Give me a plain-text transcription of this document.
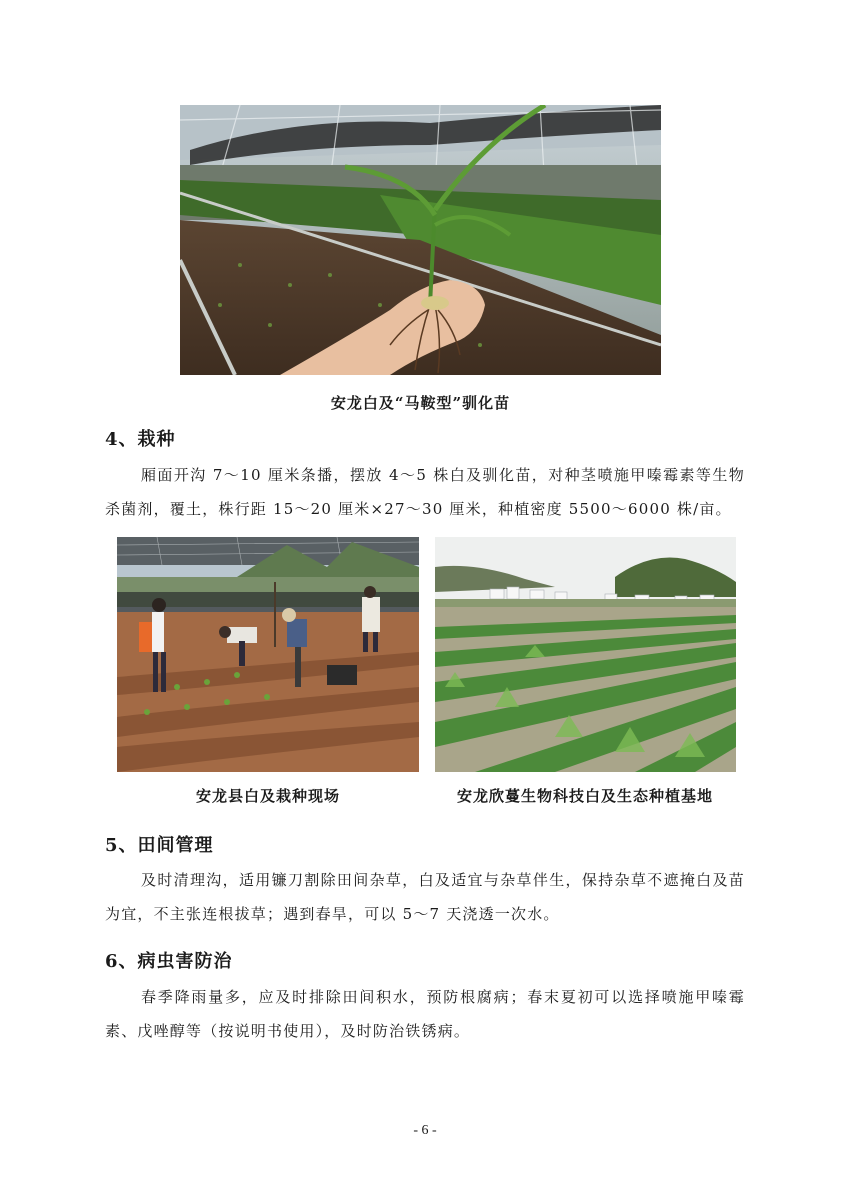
安龙白及“马鞍型”驯化苗
4、栽种
厢面开沟 7～10 厘米条播，摆放 4～5 株白及驯化苗，对种茎喷施甲嗪霉素等生物杀菌剂，覆土，株行距 15～20 厘米×27～30 厘米，种植密度 5500～6000 株/亩。
安龙县白及栽种现场	安龙欣蔓生物科技白及生态种植基地
5、田间管理
及时清理沟，适用镰刀割除田间杂草，白及适宜与杂草伴生，保持杂草不遮掩白及苗为宜，不主张连根拔草；遇到春旱，可以 5～7 天浇透一次水。
6、病虫害防治
春季降雨量多，应及时排除田间积水，预防根腐病；春末夏初可以选择喷施甲嗪霉素、戊唑醇等（按说明书使用），及时防治铁锈病。
- 6 -
